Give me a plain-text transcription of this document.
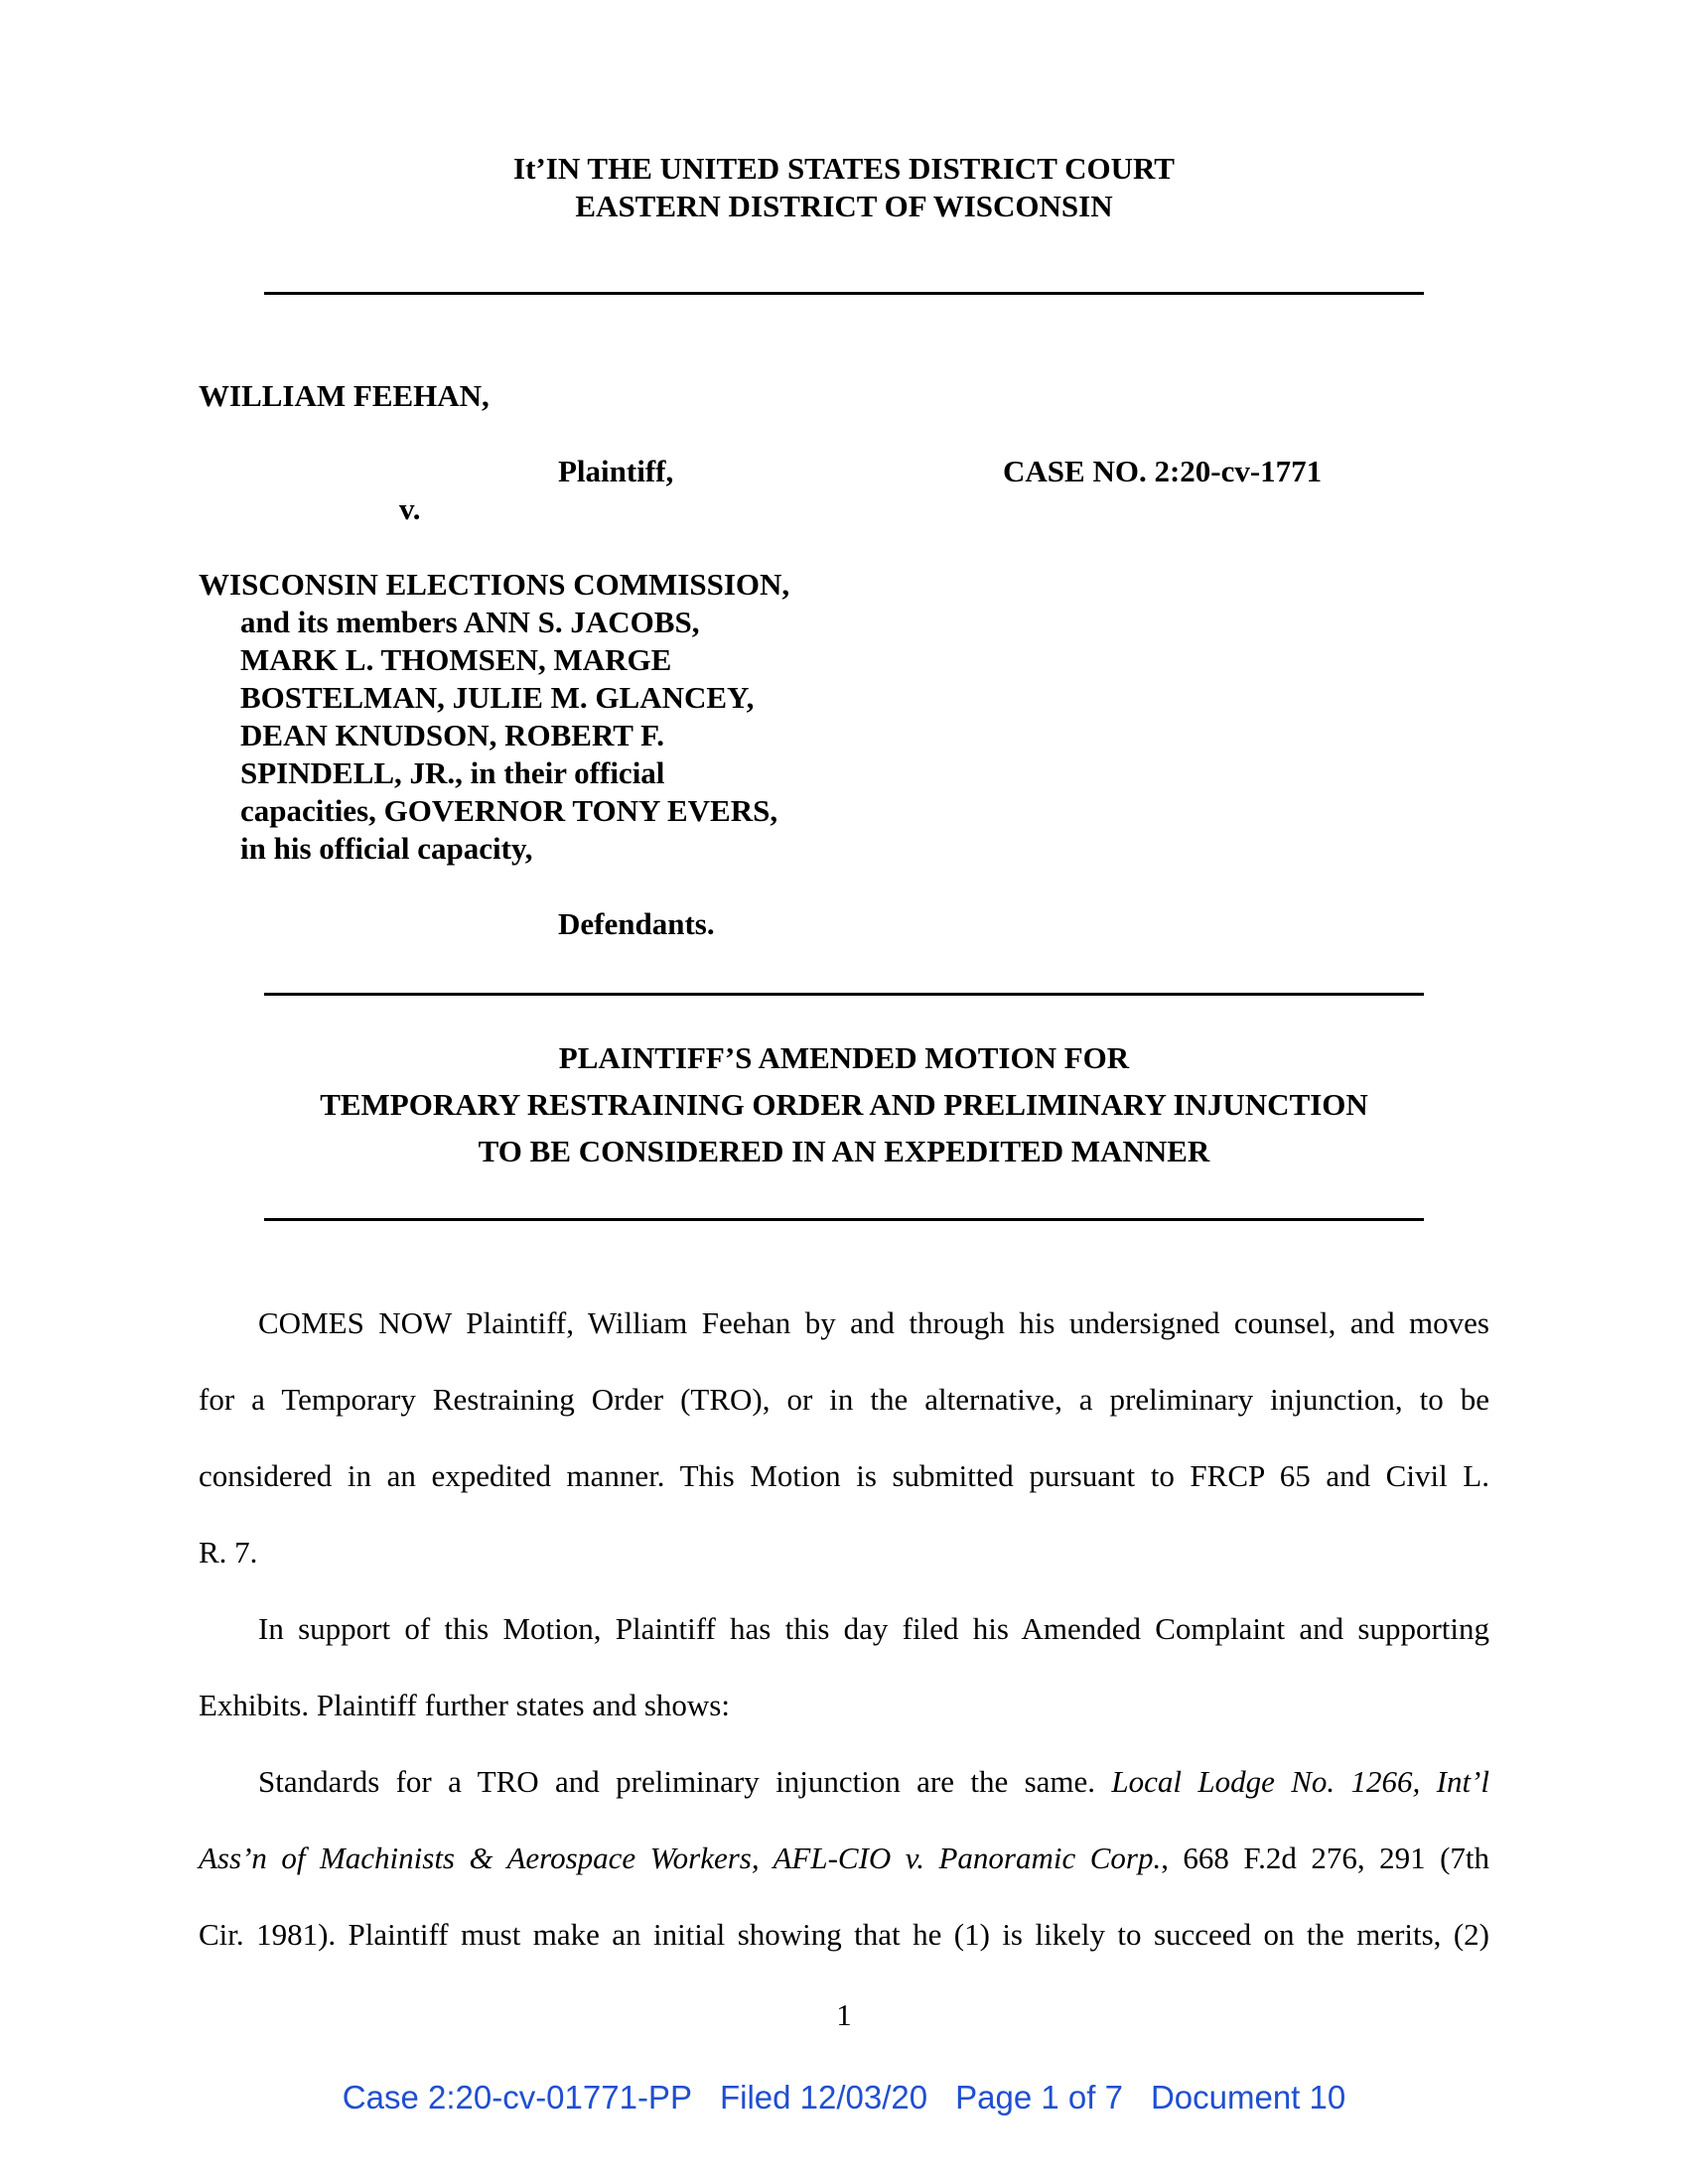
It’IN THE UNITED STATES DISTRICT COURT
EASTERN DISTRICT OF WISCONSIN
WILLIAM FEEHAN,
Plaintiff,	CASE NO. 2:20-cv-1771
v.
WISCONSIN ELECTIONS COMMISSION,
and its members ANN S. JACOBS,
MARK L. THOMSEN, MARGE
BOSTELMAN, JULIE M. GLANCEY,
DEAN KNUDSON, ROBERT F.
SPINDELL, JR., in their official
capacities, GOVERNOR TONY EVERS,
in his official capacity,
Defendants.
PLAINTIFF’S AMENDED MOTION FOR
TEMPORARY RESTRAINING ORDER AND PRELIMINARY INJUNCTION
TO BE CONSIDERED IN AN EXPEDITED MANNER
COMES NOW Plaintiff, William Feehan by and through his undersigned counsel, and moves
for a Temporary Restraining Order (TRO), or in the alternative, a preliminary injunction, to be
considered in an expedited manner. This Motion is submitted pursuant to FRCP 65 and Civil L.
R. 7.
In support of this Motion, Plaintiff has this day filed his Amended Complaint and supporting
Exhibits. Plaintiff further states and shows:
Standards for a TRO and preliminary injunction are the same. Local Lodge No. 1266, Int’l
Ass’n of Machinists & Aerospace Workers, AFL-CIO v. Panoramic Corp., 668 F.2d 276, 291 (7th
Cir. 1981). Plaintiff must make an initial showing that he (1) is likely to succeed on the merits, (2)
1
Case 2:20-cv-01771-PP Filed 12/03/20 Page 1 of 7 Document 10
